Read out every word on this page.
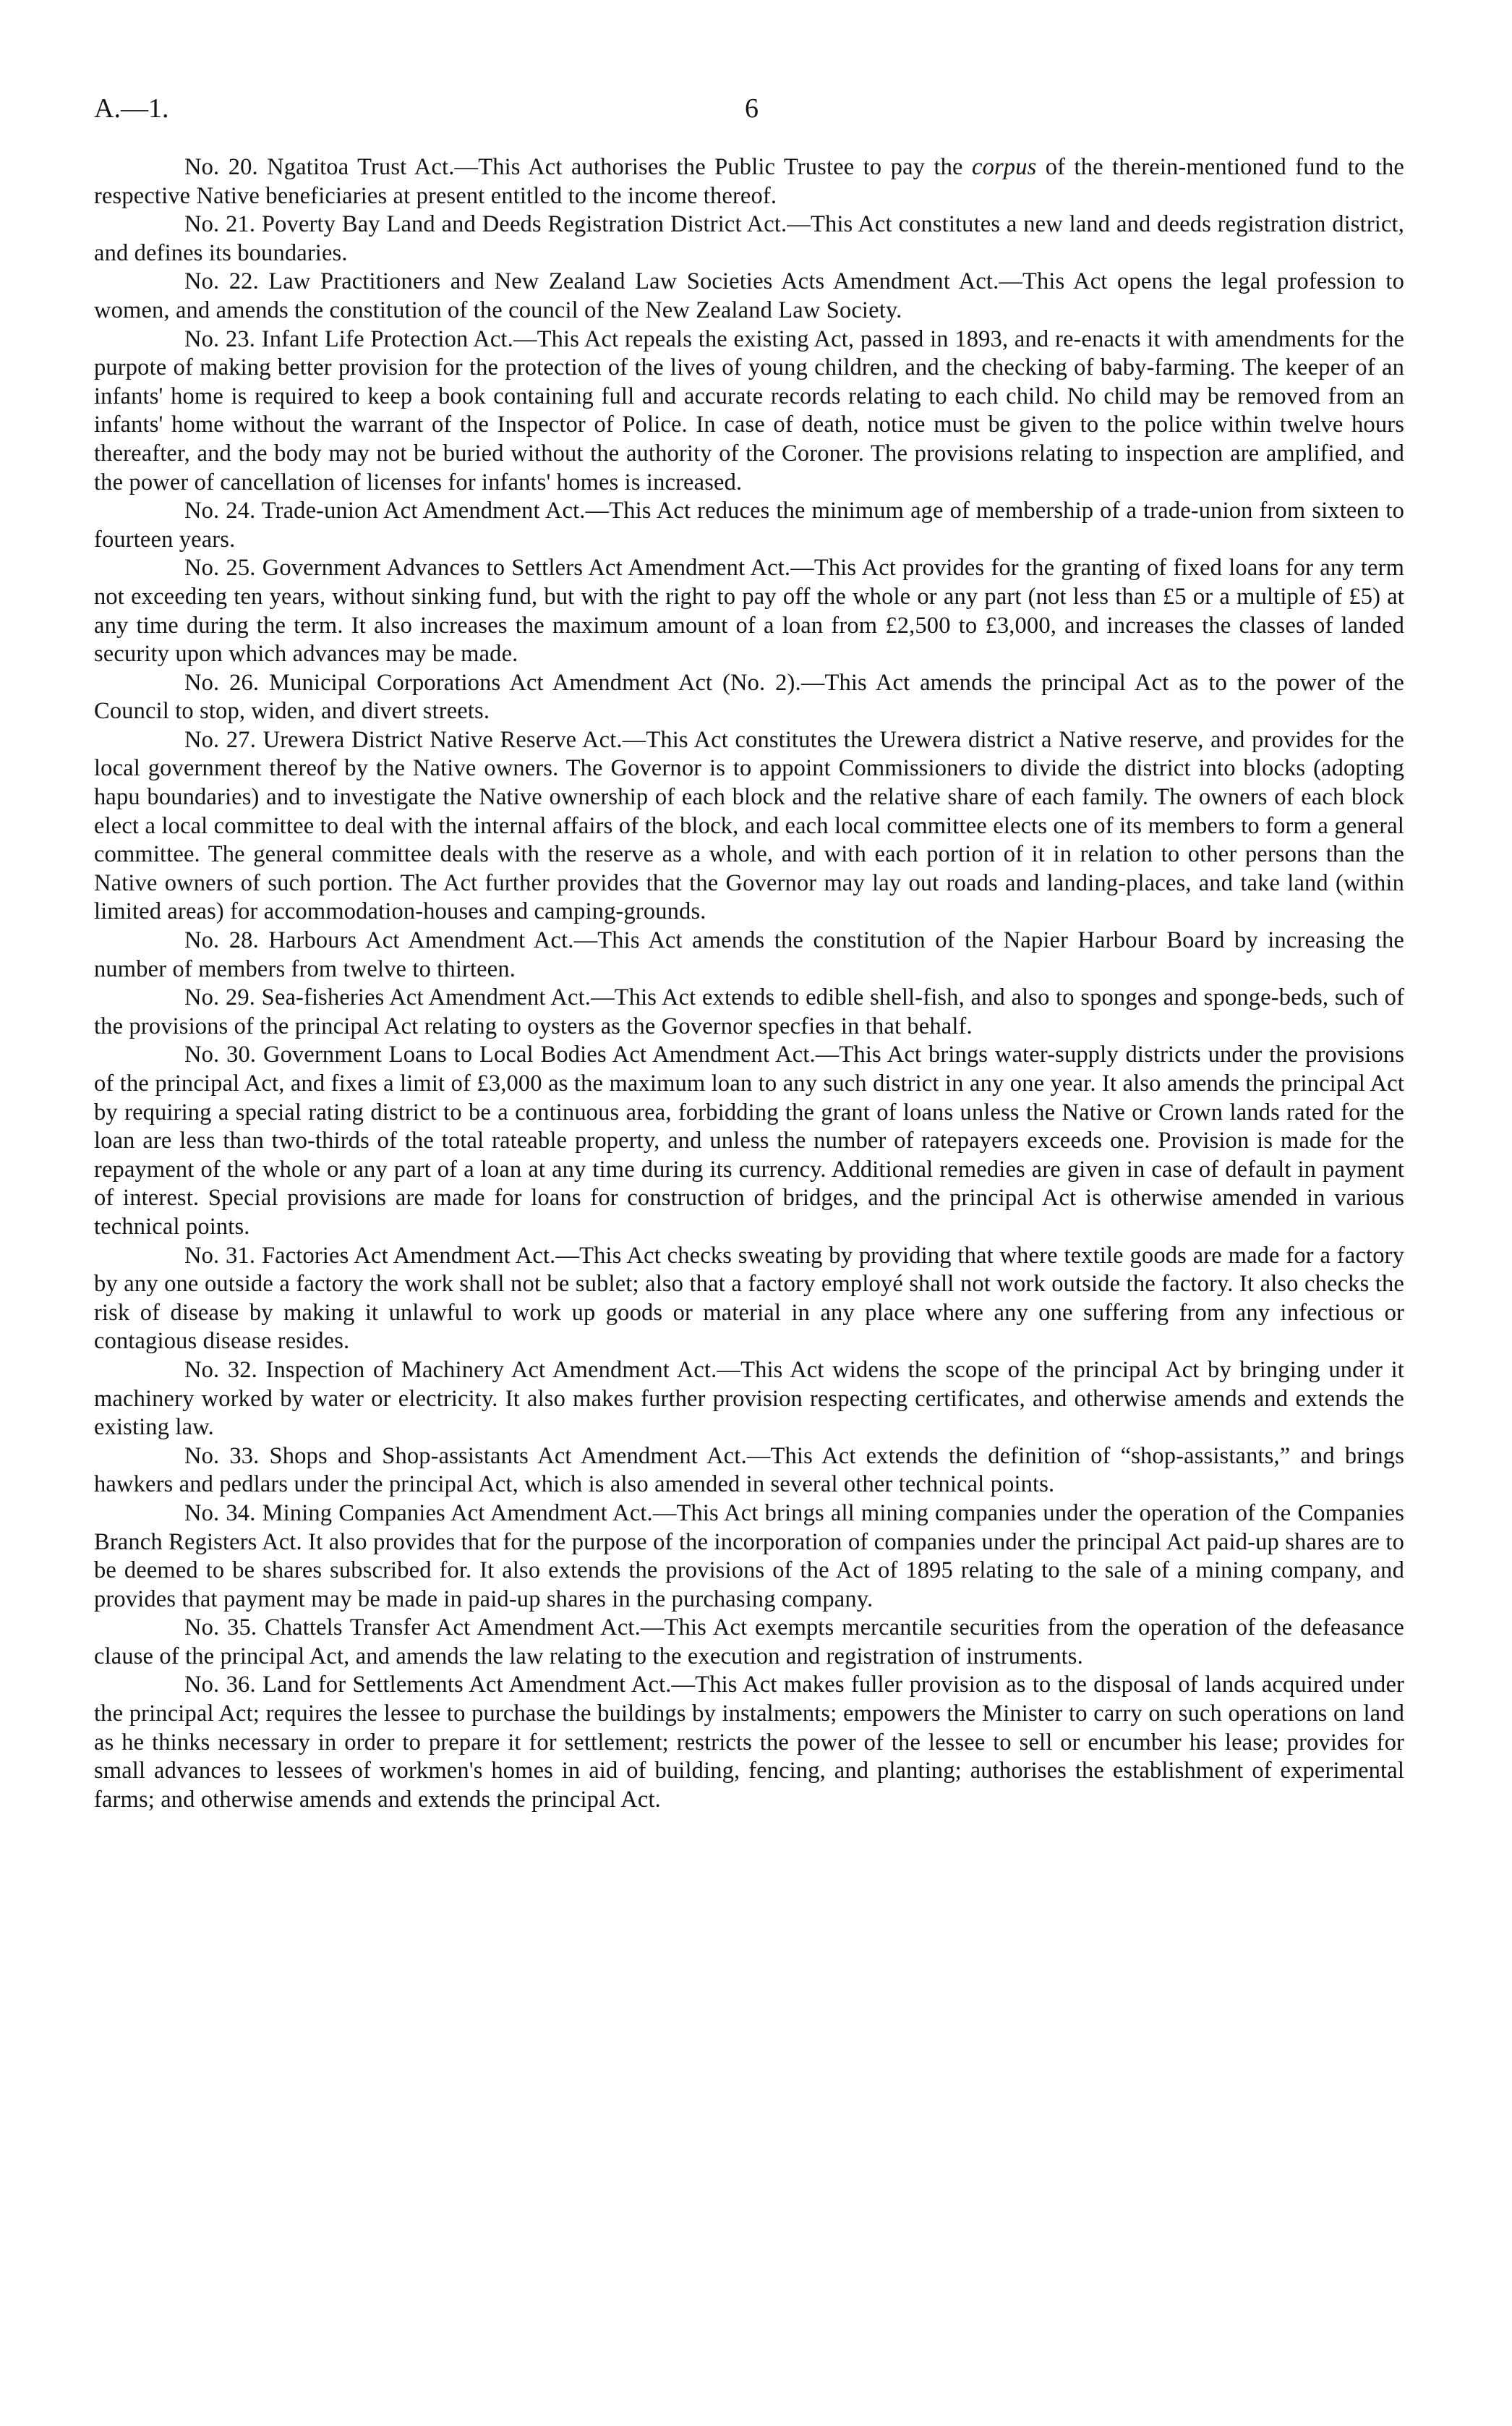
A.—1.	6

No. 20. Ngatitoa Trust Act.—This Act authorises the Public Trustee to pay the corpus of the therein-mentioned fund to the respective Native beneficiaries at present entitled to the income thereof.

No. 21. Poverty Bay Land and Deeds Registration District Act.—This Act constitutes a new land and deeds registration district, and defines its boundaries.

No. 22. Law Practitioners and New Zealand Law Societies Acts Amendment Act.—This Act opens the legal profession to women, and amends the constitution of the council of the New Zealand Law Society.

No. 23. Infant Life Protection Act.—This Act repeals the existing Act, passed in 1893, and re-enacts it with amendments for the purpote of making better provision for the protection of the lives of young children, and the checking of baby-farming. The keeper of an infants' home is required to keep a book containing full and accurate records relating to each child. No child may be removed from an infants' home without the warrant of the Inspector of Police. In case of death, notice must be given to the police within twelve hours thereafter, and the body may not be buried without the authority of the Coroner. The provisions relating to inspection are amplified, and the power of cancellation of licenses for infants' homes is increased.

No. 24. Trade-union Act Amendment Act.—This Act reduces the minimum age of membership of a trade-union from sixteen to fourteen years.

No. 25. Government Advances to Settlers Act Amendment Act.—This Act provides for the granting of fixed loans for any term not exceeding ten years, without sinking fund, but with the right to pay off the whole or any part (not less than £5 or a multiple of £5) at any time during the term. It also increases the maximum amount of a loan from £2,500 to £3,000, and increases the classes of landed security upon which advances may be made.

No. 26. Municipal Corporations Act Amendment Act (No. 2).—This Act amends the principal Act as to the power of the Council to stop, widen, and divert streets.

No. 27. Urewera District Native Reserve Act.—This Act constitutes the Urewera district a Native reserve, and provides for the local government thereof by the Native owners. The Governor is to appoint Commissioners to divide the district into blocks (adopting hapu boundaries) and to investigate the Native ownership of each block and the relative share of each family. The owners of each block elect a local committee to deal with the internal affairs of the block, and each local committee elects one of its members to form a general committee. The general committee deals with the reserve as a whole, and with each portion of it in relation to other persons than the Native owners of such portion. The Act further provides that the Governor may lay out roads and landing-places, and take land (within limited areas) for accommodation-houses and camping-grounds.

No. 28. Harbours Act Amendment Act.—This Act amends the constitution of the Napier Harbour Board by increasing the number of members from twelve to thirteen.

No. 29. Sea-fisheries Act Amendment Act.—This Act extends to edible shell-fish, and also to sponges and sponge-beds, such of the provisions of the principal Act relating to oysters as the Governor specfies in that behalf.

No. 30. Government Loans to Local Bodies Act Amendment Act.—This Act brings water-supply districts under the provisions of the principal Act, and fixes a limit of £3,000 as the maximum loan to any such district in any one year. It also amends the principal Act by requiring a special rating district to be a continuous area, forbidding the grant of loans unless the Native or Crown lands rated for the loan are less than two-thirds of the total rateable property, and unless the number of ratepayers exceeds one. Provision is made for the repayment of the whole or any part of a loan at any time during its currency. Additional remedies are given in case of default in payment of interest. Special provisions are made for loans for construction of bridges, and the principal Act is otherwise amended in various technical points.

No. 31. Factories Act Amendment Act.—This Act checks sweating by providing that where textile goods are made for a factory by any one outside a factory the work shall not be sublet; also that a factory employé shall not work outside the factory. It also checks the risk of disease by making it unlawful to work up goods or material in any place where any one suffering from any infectious or contagious disease resides.

No. 32. Inspection of Machinery Act Amendment Act.—This Act widens the scope of the principal Act by bringing under it machinery worked by water or electricity. It also makes further provision respecting certificates, and otherwise amends and extends the existing law.

No. 33. Shops and Shop-assistants Act Amendment Act.—This Act extends the definition of “shop-assistants,” and brings hawkers and pedlars under the principal Act, which is also amended in several other technical points.

No. 34. Mining Companies Act Amendment Act.—This Act brings all mining companies under the operation of the Companies Branch Registers Act. It also provides that for the purpose of the incorporation of companies under the principal Act paid-up shares are to be deemed to be shares subscribed for. It also extends the provisions of the Act of 1895 relating to the sale of a mining company, and provides that payment may be made in paid-up shares in the purchasing company.

No. 35. Chattels Transfer Act Amendment Act.—This Act exempts mercantile securities from the operation of the defeasance clause of the principal Act, and amends the law relating to the execution and registration of instruments.

No. 36. Land for Settlements Act Amendment Act.—This Act makes fuller provision as to the disposal of lands acquired under the principal Act; requires the lessee to purchase the buildings by instalments; empowers the Minister to carry on such operations on land as he thinks necessary in order to prepare it for settlement; restricts the power of the lessee to sell or encumber his lease; provides for small advances to lessees of workmen's homes in aid of building, fencing, and planting; authorises the establishment of experimental farms; and otherwise amends and extends the principal Act.
